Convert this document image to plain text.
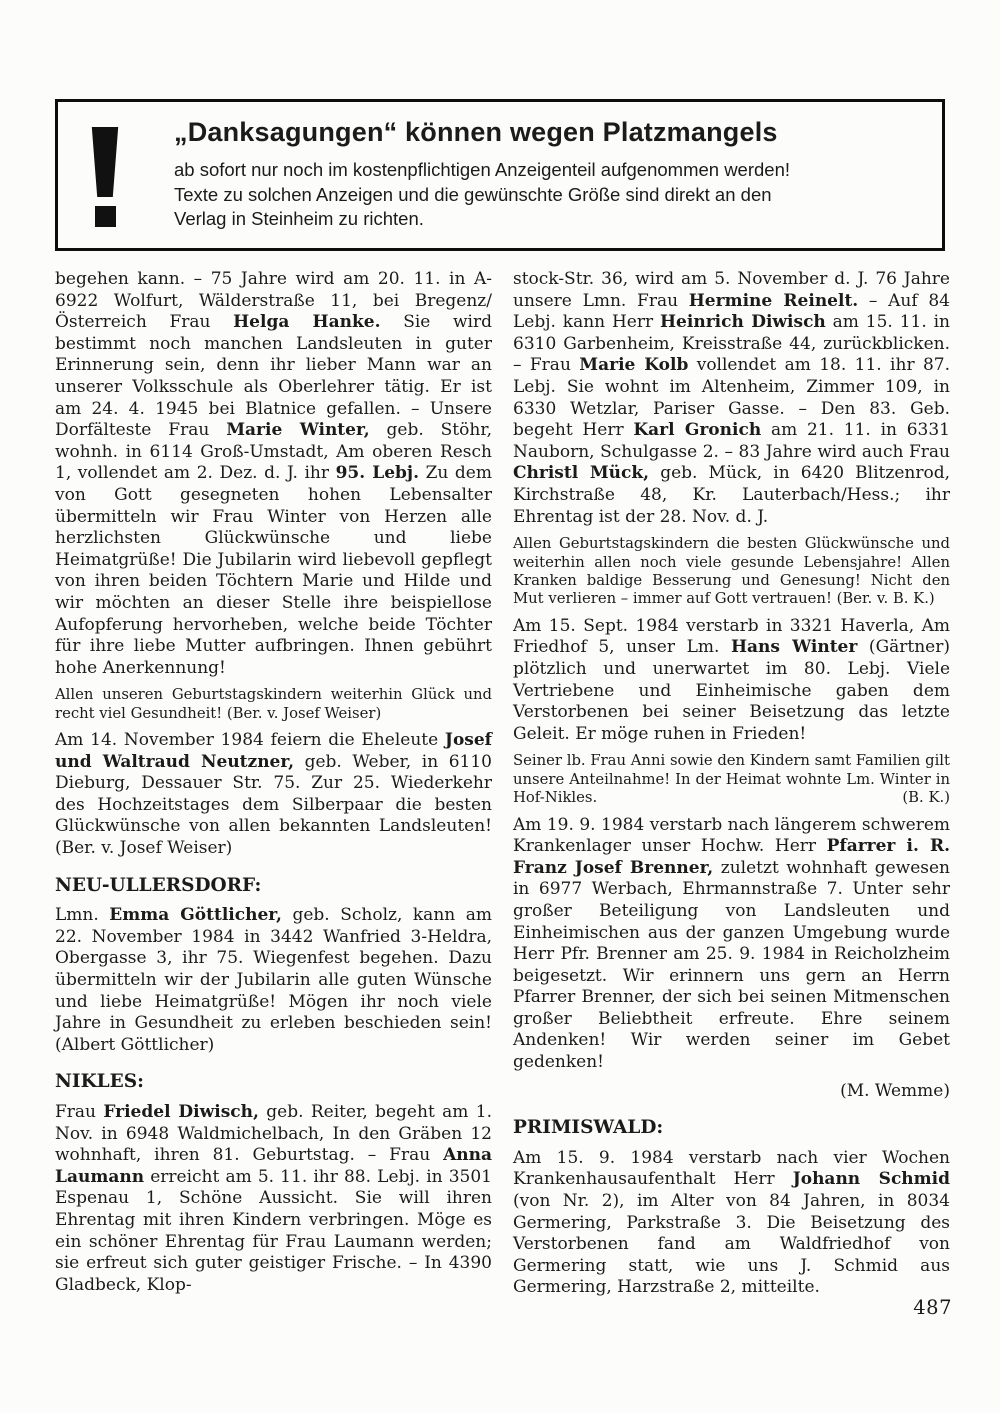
„Danksagungen“ können wegen Platzmangels
ab sofort nur noch im kostenpflichtigen Anzeigenteil aufgenommen werden!
Texte zu solchen Anzeigen und die gewünschte Größe sind direkt an den
Verlag in Steinheim zu richten.
begehen kann. – 75 Jahre wird am 20. 11. in A-6922 Wolfurt, Wälderstraße 11, bei Bregenz/Österreich Frau Helga Hanke. Sie wird bestimmt noch manchen Landsleuten in guter Erinnerung sein, denn ihr lieber Mann war an unserer Volksschule als Oberlehrer tätig. Er ist am 24. 4. 1945 bei Blatnice gefallen. – Unsere Dorfälteste Frau Marie Winter, geb. Stöhr, wohnh. in 6114 Groß-Umstadt, Am oberen Resch 1, vollendet am 2. Dez. d. J. ihr 95. Lebj. Zu dem von Gott gesegneten hohen Lebensalter übermitteln wir Frau Winter von Herzen alle herzlichsten Glückwünsche und liebe Heimatgrüße! Die Jubilarin wird liebevoll gepflegt von ihren beiden Töchtern Marie und Hilde und wir möchten an dieser Stelle ihre beispiellose Aufopferung hervorheben, welche beide Töchter für ihre liebe Mutter aufbringen. Ihnen gebührt hohe Anerkennung!
Allen unseren Geburtstagskindern weiterhin Glück und recht viel Gesundheit! (Ber. v. Josef Weiser)
Am 14. November 1984 feiern die Eheleute Josef und Waltraud Neutzner, geb. Weber, in 6110 Dieburg, Dessauer Str. 75. Zur 25. Wiederkehr des Hochzeitstages dem Silberpaar die besten Glückwünsche von allen bekannten Landsleuten! (Ber. v. Josef Weiser)
NEU-ULLERSDORF:
Lmn. Emma Göttlicher, geb. Scholz, kann am 22. November 1984 in 3442 Wanfried 3-Heldra, Obergasse 3, ihr 75. Wiegenfest begehen. Dazu übermitteln wir der Jubilarin alle guten Wünsche und liebe Heimatgrüße! Mögen ihr noch viele Jahre in Gesundheit zu erleben beschieden sein! (Albert Göttlicher)
NIKLES:
Frau Friedel Diwisch, geb. Reiter, begeht am 1. Nov. in 6948 Waldmichelbach, In den Gräben 12 wohnhaft, ihren 81. Geburtstag. – Frau Anna Laumann erreicht am 5. 11. ihr 88. Lebj. in 3501 Espenau 1, Schöne Aussicht. Sie will ihren Ehrentag mit ihren Kindern verbringen. Möge es ein schöner Ehrentag für Frau Laumann werden; sie erfreut sich guter geistiger Frische. – In 4390 Gladbeck, Klop-
stock-Str. 36, wird am 5. November d. J. 76 Jahre unsere Lmn. Frau Hermine Reinelt. – Auf 84 Lebj. kann Herr Heinrich Diwisch am 15. 11. in 6310 Garbenheim, Kreisstraße 44, zurückblicken. – Frau Marie Kolb vollendet am 18. 11. ihr 87. Lebj. Sie wohnt im Altenheim, Zimmer 109, in 6330 Wetzlar, Pariser Gasse. – Den 83. Geb. begeht Herr Karl Gronich am 21. 11. in 6331 Nauborn, Schulgasse 2. – 83 Jahre wird auch Frau Christl Mück, geb. Mück, in 6420 Blitzenrod, Kirchstraße 48, Kr. Lauterbach/Hess.; ihr Ehrentag ist der 28. Nov. d. J.
Allen Geburtstagskindern die besten Glückwünsche und weiterhin allen noch viele gesunde Lebensjahre! Allen Kranken baldige Besserung und Genesung! Nicht den Mut verlieren – immer auf Gott vertrauen! (Ber. v. B. K.)
Am 15. Sept. 1984 verstarb in 3321 Haverla, Am Friedhof 5, unser Lm. Hans Winter (Gärtner) plötzlich und unerwartet im 80. Lebj. Viele Vertriebene und Einheimische gaben dem Verstorbenen bei seiner Beisetzung das letzte Geleit. Er möge ruhen in Frieden!
Seiner lb. Frau Anni sowie den Kindern samt Familien gilt unsere Anteilnahme! In der Heimat wohnte Lm. Winter in Hof-Nikles.	(B. K.)
Am 19. 9. 1984 verstarb nach längerem schwerem Krankenlager unser Hochw. Herr Pfarrer i. R. Franz Josef Brenner, zuletzt wohnhaft gewesen in 6977 Werbach, Ehrmannstraße 7. Unter sehr großer Beteiligung von Landsleuten und Einheimischen aus der ganzen Umgebung wurde Herr Pfr. Brenner am 25. 9. 1984 in Reicholzheim beigesetzt. Wir erinnern uns gern an Herrn Pfarrer Brenner, der sich bei seinen Mitmenschen großer Beliebtheit erfreute. Ehre seinem Andenken! Wir werden seiner im Gebet gedenken!
(M. Wemme)
PRIMISWALD:
Am 15. 9. 1984 verstarb nach vier Wochen Krankenhausaufenthalt Herr Johann Schmid (von Nr. 2), im Alter von 84 Jahren, in 8034 Germering, Parkstraße 3. Die Beisetzung des Verstorbenen fand am Waldfriedhof von Germering statt, wie uns J. Schmid aus Germering, Harzstraße 2, mitteilte.
487
